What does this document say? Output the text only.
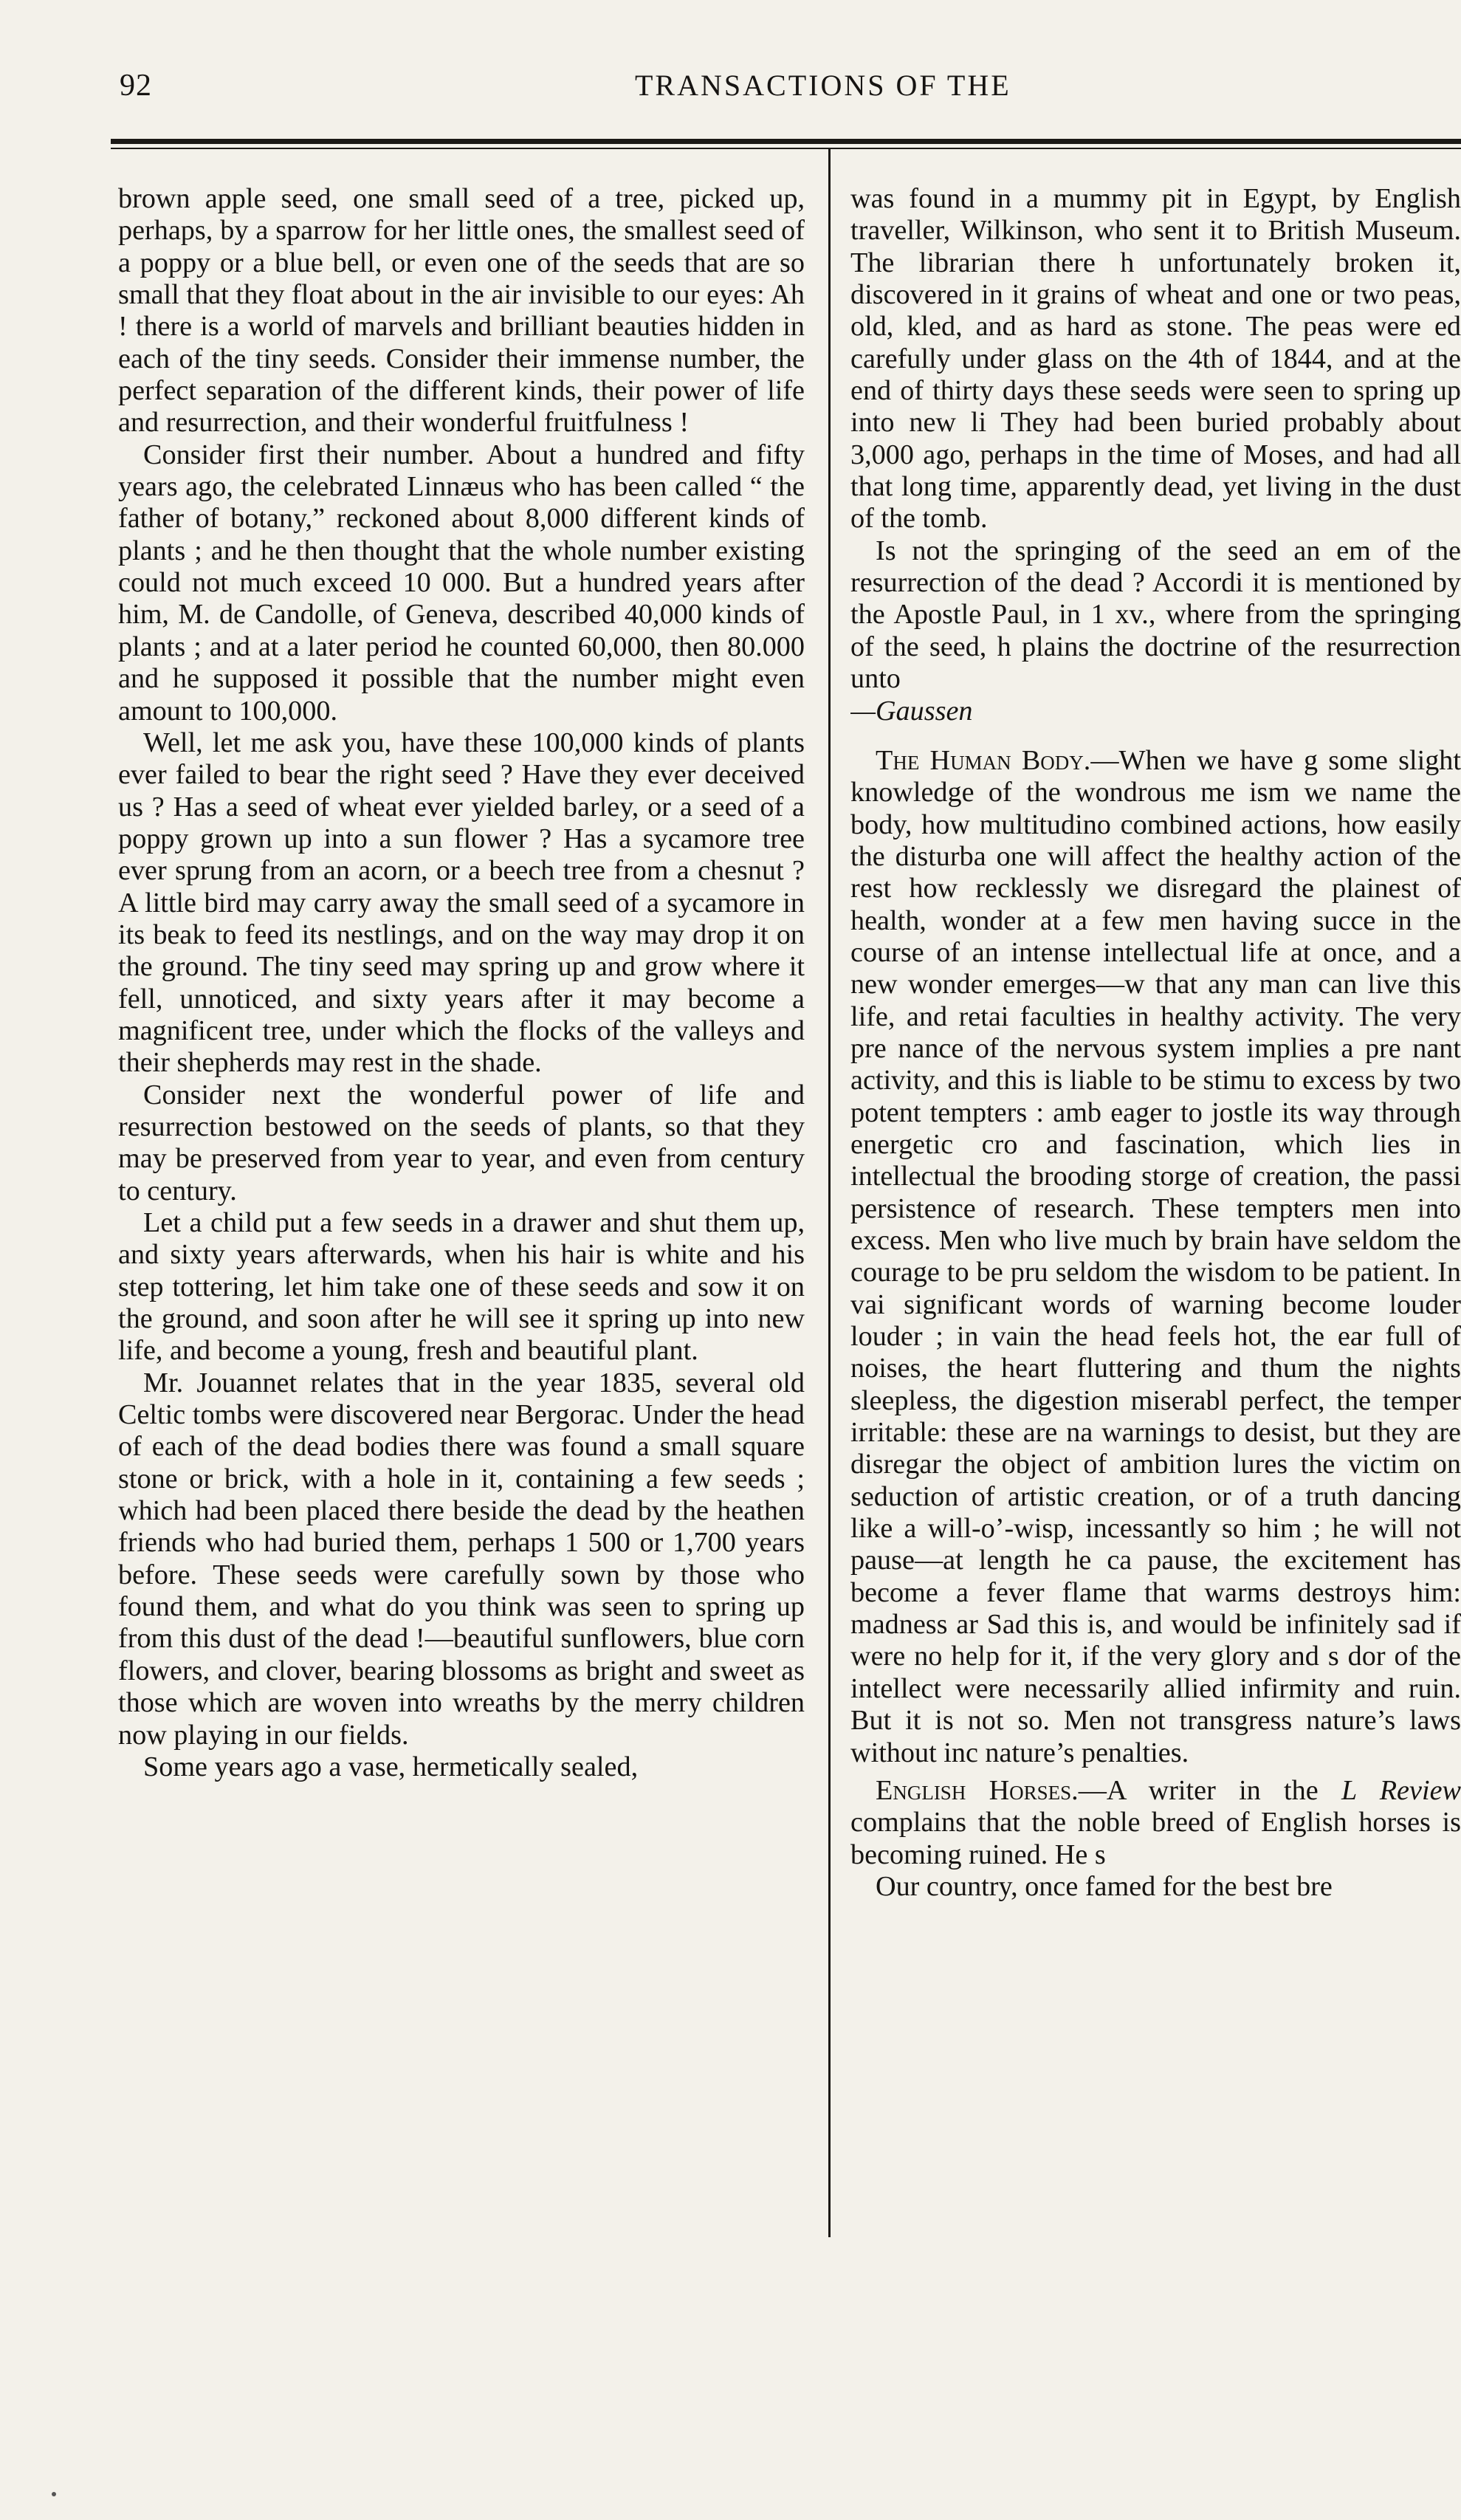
92	TRANSACTIONS OF THE

brown apple seed, one small seed of a tree, picked up, perhaps, by a sparrow for her little ones, the smallest seed of a poppy or a blue bell, or even one of the seeds that are so small that they float about in the air invisible to our eyes: Ah ! there is a world of marvels and brilliant beauties hidden in each of the tiny seeds. Consider their immense number, the perfect separation of the different kinds, their power of life and resurrection, and their wonderful fruitfulness !

Consider first their number. About a hundred and fifty years ago, the celebrated Linnæus who has been called “ the father of botany,” reckoned about 8,000 different kinds of plants ; and he then thought that the whole number existing could not much exceed 10 000. But a hundred years after him, M. de Candolle, of Geneva, described 40,000 kinds of plants ; and at a later period he counted 60,000, then 80.000 and he supposed it possible that the number might even amount to 100,000.

Well, let me ask you, have these 100,000 kinds of plants ever failed to bear the right seed ? Have they ever deceived us ? Has a seed of wheat ever yielded barley, or a seed of a poppy grown up into a sun flower ? Has a sycamore tree ever sprung from an acorn, or a beech tree from a chesnut ? A little bird may carry away the small seed of a sycamore in its beak to feed its nestlings, and on the way may drop it on the ground. The tiny seed may spring up and grow where it fell, unnoticed, and sixty years after it may become a magnificent tree, under which the flocks of the valleys and their shepherds may rest in the shade.

Consider next the wonderful power of life and resurrection bestowed on the seeds of plants, so that they may be preserved from year to year, and even from century to century.

Let a child put a few seeds in a drawer and shut them up, and sixty years afterwards, when his hair is white and his step tottering, let him take one of these seeds and sow it on the ground, and soon after he will see it spring up into new life, and become a young, fresh and beautiful plant.

Mr. Jouannet relates that in the year 1835, several old Celtic tombs were discovered near Bergorac. Under the head of each of the dead bodies there was found a small square stone or brick, with a hole in it, containing a few seeds ; which had been placed there beside the dead by the heathen friends who had buried them, perhaps 1 500 or 1,700 years before. These seeds were carefully sown by those who found them, and what do you think was seen to spring up from this dust of the dead !—beautiful sunflowers, blue corn flowers, and clover, bearing blossoms as bright and sweet as those which are woven into wreaths by the merry children now playing in our fields.

Some years ago a vase, hermetically sealed,

was found in a mummy pit in Egypt, by English traveller, Wilkinson, who sent it to British Museum. The librarian there h unfortunately broken it, discovered in it grains of wheat and one or two peas, old, kled, and as hard as stone. The peas were ed carefully under glass on the 4th of 1844, and at the end of thirty days these seeds were seen to spring up into new li They had been buried probably about 3,000 ago, perhaps in the time of Moses, and had all that long time, apparently dead, yet living in the dust of the tomb.

Is not the springing of the seed an em of the resurrection of the dead ? Accordi it is mentioned by the Apostle Paul, in 1 xv., where from the springing of the seed, h plains the doctrine of the resurrection unto

—Gaussen

The Human Body.—When we have g some slight knowledge of the wondrous me ism we name the body, how multitudino combined actions, how easily the disturba one will affect the healthy action of the rest how recklessly we disregard the plainest of health, wonder at a few men having succe in the course of an intense intellectual life at once, and a new wonder emerges—w that any man can live this life, and retai faculties in healthy activity. The very pre nance of the nervous system implies a pre nant activity, and this is liable to be stimu to excess by two potent tempters : amb eager to jostle its way through energetic cro and fascination, which lies in intellectual the brooding storge of creation, the passi persistence of research. These tempters men into excess. Men who live much by brain have seldom the courage to be pru seldom the wisdom to be patient. In vai significant words of warning become louder louder ; in vain the head feels hot, the ear full of noises, the heart fluttering and thum the nights sleepless, the digestion miserabl perfect, the temper irritable: these are na warnings to desist, but they are disregar the object of ambition lures the victim on seduction of artistic creation, or of a truth dancing like a will-o’-wisp, incessantly so him ; he will not pause—at length he ca pause, the excitement has become a fever flame that warms destroys him: madness ar Sad this is, and would be infinitely sad if were no help for it, if the very glory and s dor of the intellect were necessarily allied infirmity and ruin. But it is not so. Men not transgress nature’s laws without inc nature’s penalties.

English Horses.—A writer in the L Review complains that the noble breed of English horses is becoming ruined. He s

Our country, once famed for the best bre
